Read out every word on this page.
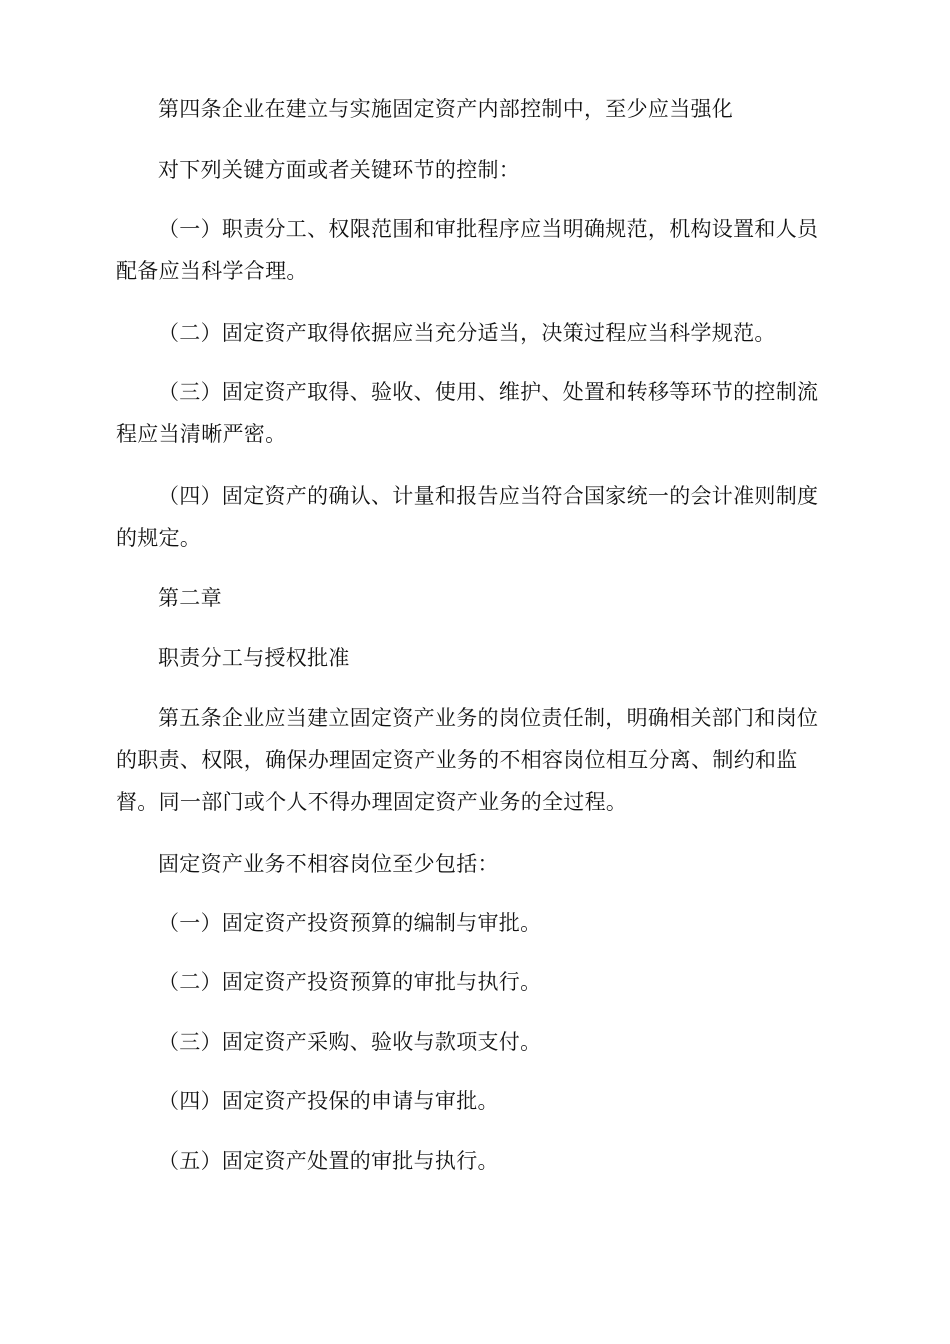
第四条企业在建立与实施固定资产内部控制中，至少应当强化

对下列关键方面或者关键环节的控制：

（一）职责分工、权限范围和审批程序应当明确规范，机构设置和人员配备应当科学合理。

（二）固定资产取得依据应当充分适当，决策过程应当科学规范。

（三）固定资产取得、验收、使用、维护、处置和转移等环节的控制流程应当清晰严密。

（四）固定资产的确认、计量和报告应当符合国家统一的会计准则制度的规定。

第二章

职责分工与授权批准

第五条企业应当建立固定资产业务的岗位责任制，明确相关部门和岗位的职责、权限，确保办理固定资产业务的不相容岗位相互分离、制约和监督。同一部门或个人不得办理固定资产业务的全过程。

固定资产业务不相容岗位至少包括：

（一）固定资产投资预算的编制与审批。

（二）固定资产投资预算的审批与执行。

（三）固定资产采购、验收与款项支付。

（四）固定资产投保的申请与审批。

（五）固定资产处置的审批与执行。
